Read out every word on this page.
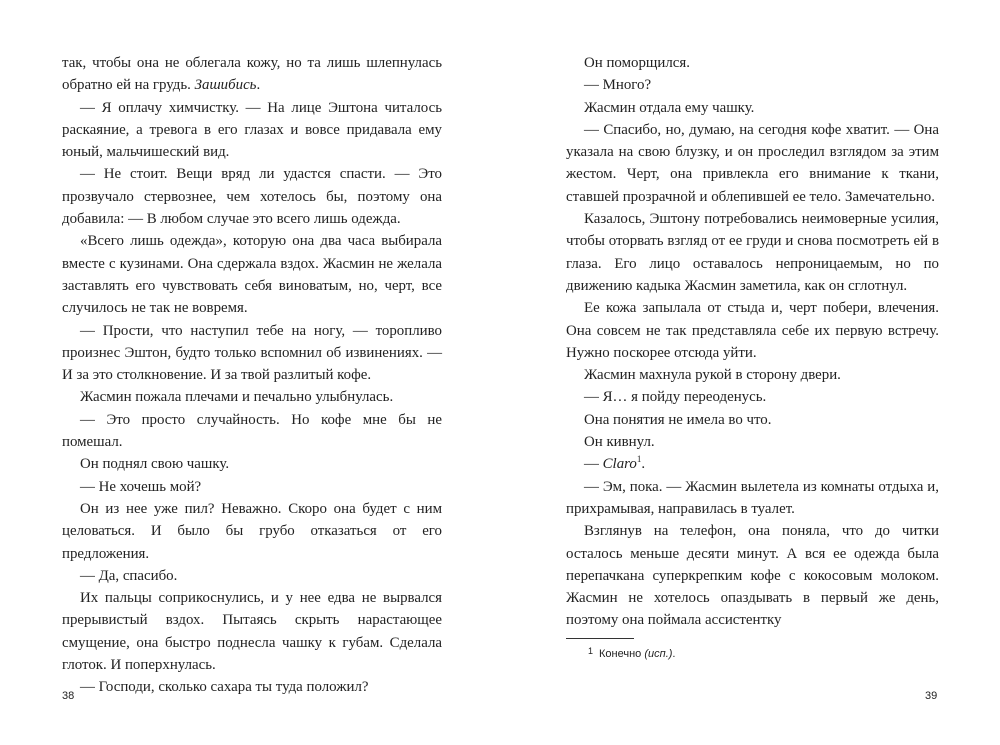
так, чтобы она не облегала кожу, но та лишь шлепнулась обратно ей на грудь. Зашибись.

— Я оплачу химчистку. — На лице Эштона читалось раскаяние, а тревога в его глазах и вовсе придавала ему юный, мальчишеский вид.

— Не стоит. Вещи вряд ли удастся спасти. — Это прозвучало стервознее, чем хотелось бы, поэтому она добавила: — В любом случае это всего лишь одежда.

«Всего лишь одежда», которую она два часа выбирала вместе с кузинами. Она сдержала вздох. Жасмин не желала заставлять его чувствовать себя виноватым, но, черт, все случилось не так не вовремя.

— Прости, что наступил тебе на ногу, — торопливо произнес Эштон, будто только вспомнил об извинениях. — И за это столкновение. И за твой разлитый кофе.

Жасмин пожала плечами и печально улыбнулась.

— Это просто случайность. Но кофе мне бы не помешал.

Он поднял свою чашку.

— Не хочешь мой?

Он из нее уже пил? Неважно. Скоро она будет с ним целоваться. И было бы грубо отказаться от его предложения.

— Да, спасибо.

Их пальцы соприкоснулись, и у нее едва не вырвался прерывистый вздох. Пытаясь скрыть нарастающее смущение, она быстро поднесла чашку к губам. Сделала глоток. И поперхнулась.

— Господи, сколько сахара ты туда положил?

Он поморщился.

— Много?

Жасмин отдала ему чашку.

— Спасибо, но, думаю, на сегодня кофе хватит. — Она указала на свою блузку, и он проследил взглядом за этим жестом. Черт, она привлекла его внимание к ткани, ставшей прозрачной и облепившей ее тело. Замечательно.

Казалось, Эштону потребовались неимоверные усилия, чтобы оторвать взгляд от ее груди и снова посмотреть ей в глаза. Его лицо оставалось непроницаемым, но по движению кадыка Жасмин заметила, как он сглотнул.

Ее кожа запылала от стыда и, черт побери, влечения. Она совсем не так представляла себе их первую встречу. Нужно поскорее отсюда уйти.

Жасмин махнула рукой в сторону двери.

— Я… я пойду переоденусь.

Она понятия не имела во что.

Он кивнул.

— Claro$^1$.

— Эм, пока. — Жасмин вылетела из комнаты отдыха и, прихрамывая, направилась в туалет.

Взглянув на телефон, она поняла, что до читки осталось меньше десяти минут. А вся ее одежда была перепачкана суперкрепким кофе с кокосовым молоком. Жасмин не хотелось опаздывать в первый же день, поэтому она поймала ассистентку

$^1$ Конечно (исп.).
38	39
